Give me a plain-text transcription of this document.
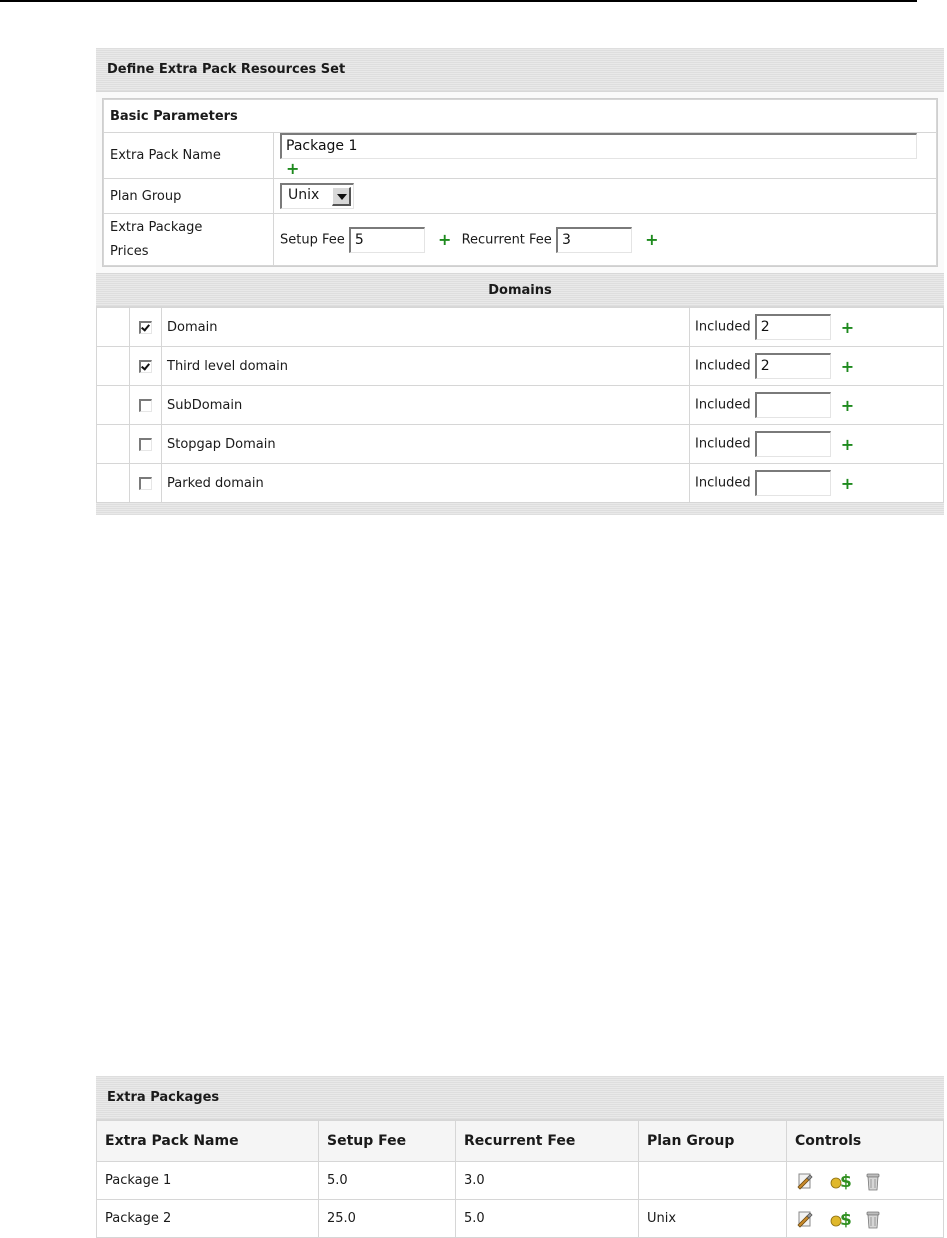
Define Extra Pack Resources Set
Basic Parameters	
Extra Pack Name	Package 1 +
Plan Group	Unix

Extra Package
Prices	Setup Fee 5 + Recurrent Fee 3 +
Domains
		Domain	Included 2 +
		Third level domain	Included 2 +
		SubDomain	Included +
		Stopgap Domain	Included +
		Parked domain	Included +
Extra Packages
Extra Pack Name	Setup Fee	Recurrent Fee	Plan Group	Controls
Package 1	5.0	3.0		$

Package 2	25.0	5.0	Unix	$
